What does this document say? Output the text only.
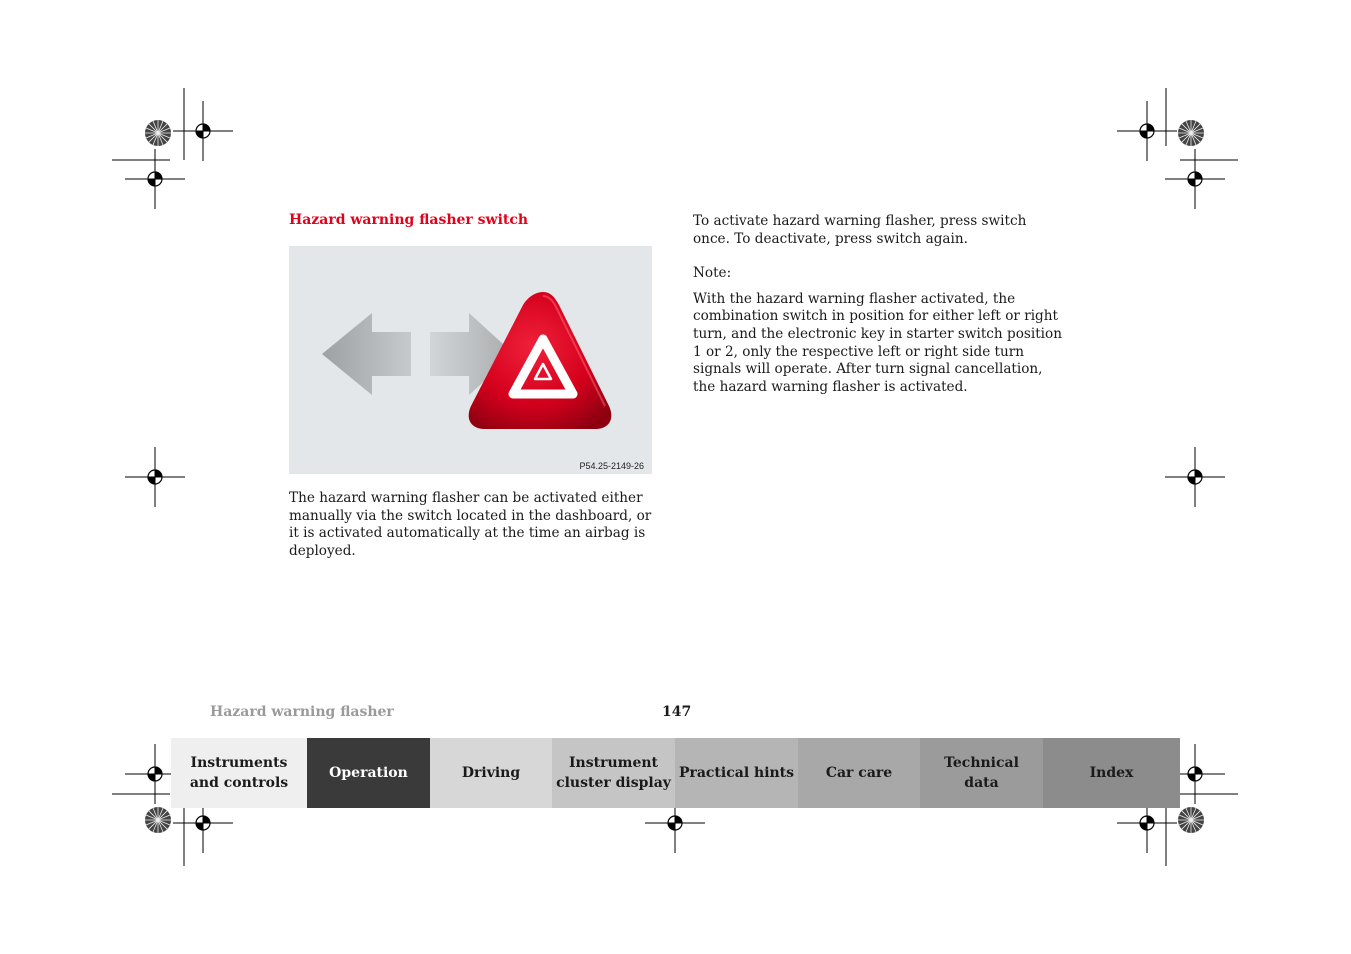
Hazard warning flasher switch
P54.25-2149-26

The hazard warning flasher can be activated either manually via the switch located in the dashboard, or it is activated automatically at the time an airbag is deployed.

To activate hazard warning flasher, press switch once. To deactivate, press switch again.

Note:

With the hazard warning flasher activated, the combination switch in position for either left or right turn, and the electronic key in starter switch position 1 or 2, only the respective left or right side turn signals will operate. After turn signal cancellation, the hazard warning flasher is activated.

Hazard warning flasher	147
Instruments
and controls
Operation	Driving
Instrument
cluster display
Practical hints	Car care
Technical
data
Index
